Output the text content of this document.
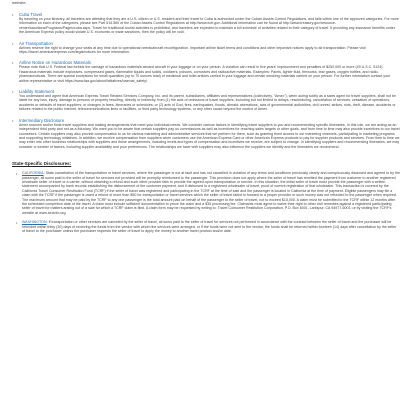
website.
• Cuba Travel

By traveling on your itinerary, all travelers are attesting that they are a U.S. citizen or U.S. resident and their travel to Cuba is authorized under the Cuban Assets Control Regulations, and falls within one of the approved categories. For more information on each of the categories, please see Part 515.560 of the Cuban Assets Control Regulations at http://www.ecfr.gov. Additional information can be found at http://www.treasury.gov/resource-center/sanctions/Programs/Pages/cuba.aspx. Travel for traditional tourist activities is prohibited, and travelers are expected to maintain a full schedule of activities related to their category of travel. If providing any insurance benefits under the American Express policy would violate U.S. economic or trade sanctions, then the policy will be void.

• Air Transportation

Airlines reserve the right to change your seats at any time due to operational needs/aircraft reconfiguration. Important airline ticket terms and conditions and other important notices apply to air transportation. Please visit https://travel.americanexpress.com/legal/notices for more information.

• Airline Notice on Hazardous Materials

Please note that U.S. Federal law forbids the carriage of hazardous materials aboard aircraft in your luggage or on your person. A violation can result in five years' imprisonment and penalties of $250,000 or more (49 U.S.C. 5124). Hazardous materials include explosives, compressed gases, flammable liquids and solids, oxidizers, poisons, corrosives and radioactive materials. Examples: Paints, lighter fluid, fireworks, tear gases, oxygen bottles, and radio-pharmaceuticals. There are special exceptions for small quantities (up to 70 ounces total) of medicinal and toilet articles carried in your luggage and certain smoking materials carried on your person. For further information contact your airline representative or visit https://www.faa.gov/about/initiatives/hazmat_safety/.

• Liability Statement

You understand and agree that American Express Travel Related Services Company, Inc. and its parent, subsidiaries, affiliates and representatives (collectively, "Amex"), when acting solely as a sales agent for travel suppliers, shall not be liable for any loss, injury, damage to persons or property resulting, directly or indirectly, from (1) the acts of omissions of travel suppliers, including but not limited to delays, rescheduling, cancellation of services, cessation of operations, accidents or defaults of travel suppliers; or changes in fares, itineraries or schedules; or (2) acts of God, fires, earthquakes, floods, climatic aberrations, acts of governmental authorities, civil unrest, strikes, riots, theft, disease, accidents or failures related to the public internet, telecommunications lines or facilities, or third party technology systems, or any other cause beyond the control of Amex.

• Intermediary Disclosure

Amex sources and/or finds travel suppliers and making arrangements that meet your individual needs. We consider various factors in identifying travel suppliers to you and recommending specific itineraries. In this role, we are acting as an independent third party and not as a fiduciary. We want you to be aware that certain suppliers pay us commissions as well as incentives for reaching sales targets or other goals, and from time to time may also provide incentives to our travel counselors. Certain suppliers may also provide compensation to us for various marketing and administrative services that we perform for them, such as granting them access to our marketing channels, participating in marketing programs and supporting technology initiatives. In addition, we receive compensation from suppliers when customers use the American Express Card or other American Express products to pay for supplier products and services. From time to time we may enter into other business relationships with suppliers and these arrangements, including levels and types of compensation and incentives we receive, are subject to change. In identifying suppliers and recommending itineraries, we may consider a number of factors, including supplier availability and your preferences. The relationships we have with suppliers may also influence the suppliers we identify and the itineraries we recommend.

State-Specific Disclosures:
• CALIFORNIA: State cancellation of the transportation or travel services, where the passenger is not at fault and has not cancelled in violation of any terms and conditions previously clearly and conspicuously disclosed and agreed to by the passenger, all sums paid to the seller of travel for services not provided will be promptly reimbursed to the passenger. This provision does not apply where the seller of travel has remitted the payment from customer to another registered wholesale seller of travel or a carrier, without obtaining a refund and such other provider fails to provide the agreed-upon transportation or service. In this situation, the initial seller of travel must provide the passenger with a written statement accompanied by bank records establishing the disbursement of the customer payment, and if disbursed to a registered wholesaler of travel, proof of current registration of that wholesaler. This transaction is covered by the California Travel Consumer Restitution Fund (TCRF) if the seller of travel was registered and participating in the TCRF at the time of sale and the passenger is located in California at the time of payment. Eligible passengers may file a claim with the TCRF if the passenger is owed a refund of more than $50 for transportation or travel services which the seller of travel failed to forward to a proper provider or such money was not refunded to the passenger when required. The maximum amount that may be paid by the TCRF to any one passenger is the total amount paid on behalf of the passenger to the seller of travel, not to exceed $15,000. A claim must be submitted to the TCRF within 12 months after the scheduled completion date of the travel. A claim must include sufficient documentation to prove the claim and a $35 processing fee. Claimants must agree to waive their right to other civil remedies against a registered participating seller of travel for matters arising out of a sale for which a TCRF claim is filed. A claim form may be requested by writing to: Travel Consumer Restitution Corporation, P.O. Box 6001, Larkspur, CA 94977-6001; or by visiting the TCRF's website at www.tcrcinfo.org.
• WASHINGTON: If transportation or other services are canceled by the seller of travel, all sums paid to the seller of travel for services not performed in accordance with the contract between the seller of travel and the purchaser will be refunded within thirty (30) days of receiving the funds from the vendor with whom the services were arranged, or if the funds were not sent to the vendor, the funds shall be returned within fourteen (14) days after cancellation by the seller of travel to the purchaser unless the purchaser requests the seller of travel to apply the money to another travel product and/or date.
